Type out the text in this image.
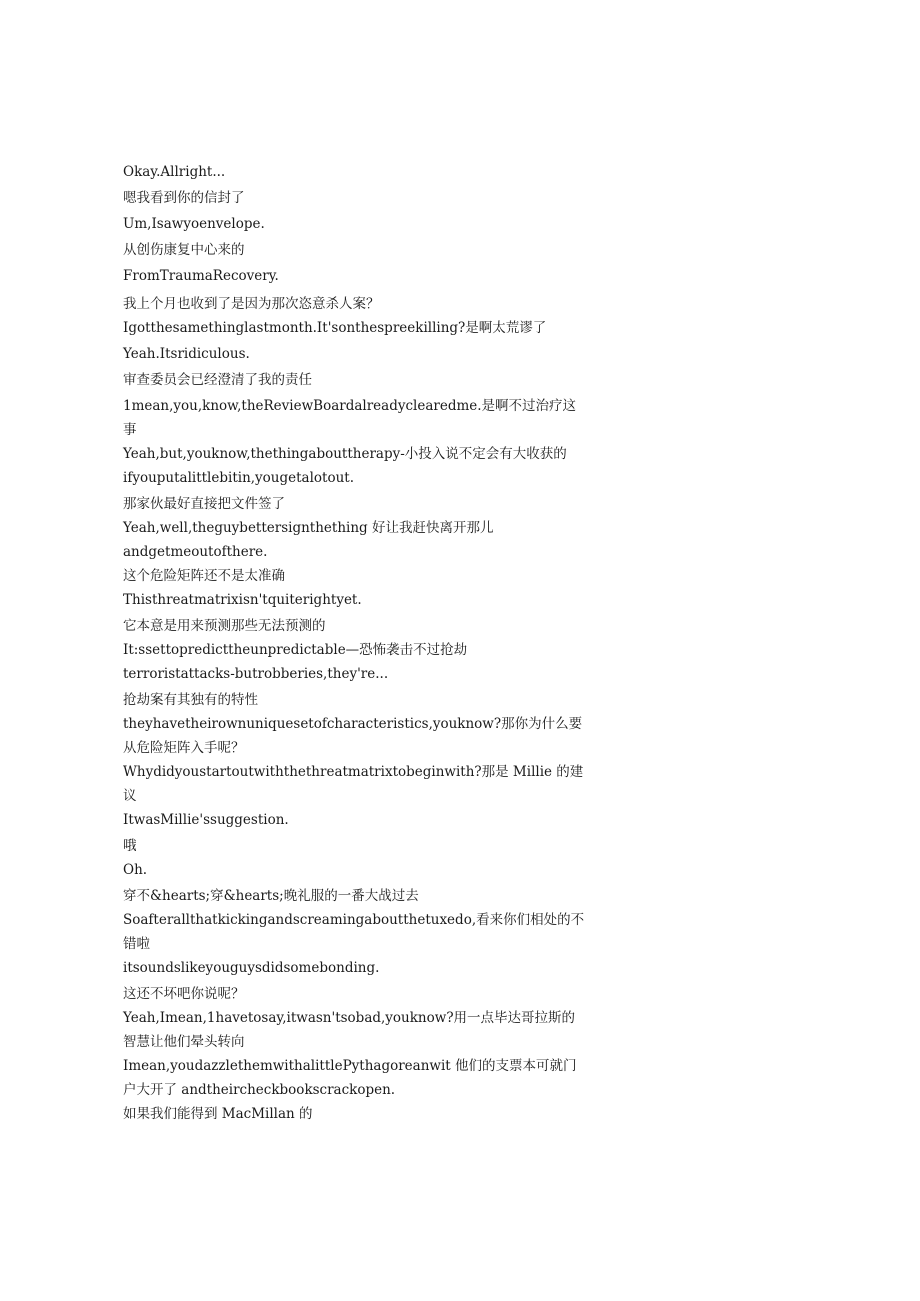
Okay.Allright...

嗯我看到你的信封了

Um,Isawyoenvelope.

从创伤康复中心来的

FromTraumaRecovery.

我上个月也收到了是因为那次恣意杀人案？

Igotthesamethinglastmonth.It'sonthespreekilling?是啊太荒谬了

Yeah.Itsridiculous.

审查委员会已经澄清了我的责任

1mean,you,know,theReviewBoardalreadyclearedme.是啊不过治疗这事

Yeah,but,youknow,thethingabouttherapy-小投入说不定会有大收获的

ifyouputalittlebitin,yougetalotout.

那家伙最好直接把文件签了

Yeah,well,theguybettersignthething 好让我赶快离开那儿

andgetmeoutofthere.

这个危险矩阵还不是太准确

Thisthreatmatrixisn'tquiterightyet.

它本意是用来预测那些无法预测的

It:ssettopredicttheunpredictable—恐怖袭击不过抢劫

terroristattacks-butrobberies,they're...

抢劫案有其独有的特性

theyhavetheirownuniquesetofcharacteristics,youknow?那你为什么要从危险矩阵入手呢？

Whydidyoustartoutwiththethreatmatrixtobeginwith?那是 Millie 的建议

ItwasMillie'ssuggestion.

哦

Oh.

穿不&hearts;穿&hearts;晚礼服的一番大战过去

Soafterallthatkickingandscreamingaboutthetuxedo,看来你们相处的不错啦

itsoundslikeyouguysdidsomebonding.

这还不坏吧你说呢？

Yeah,Imean,1havetosay,itwasn'tsobad,youknow?用一点毕达哥拉斯的智慧让他们晕头转向

Imean,youdazzlethemwithalittlePythagoreanwit 他们的支票本可就门户大开了 andtheircheckbookscrackopen.

如果我们能得到 MacMillan 的
